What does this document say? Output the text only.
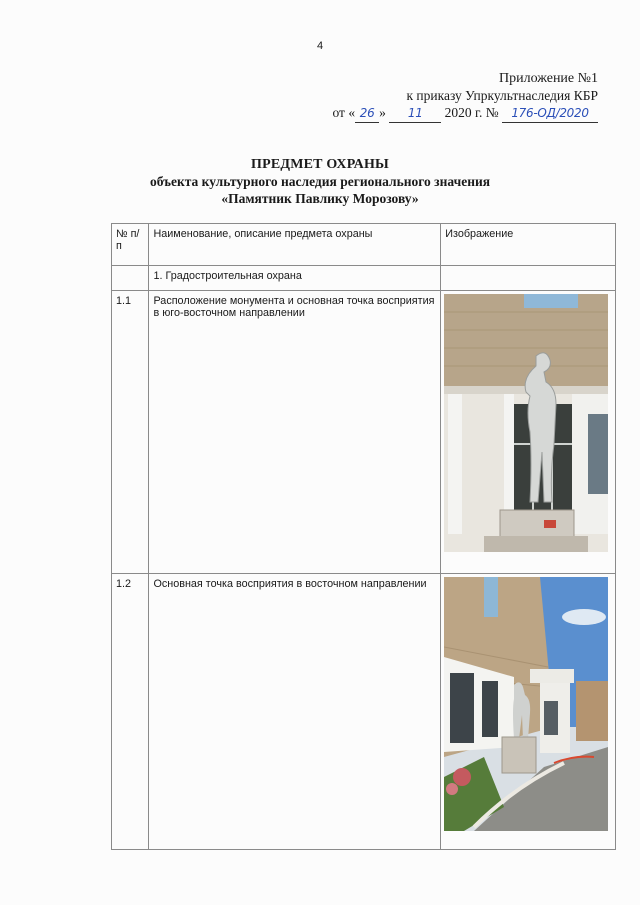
4
Приложение №1
к приказу Упркультнаследия КБР
от « 26 » 11 2020 г. № 176-ОД/2020
ПРЕДМЕТ ОХРАНЫ
объекта культурного наследия регионального значения
«Памятник Павлику Морозову»
№ п/п	Наименование, описание предмета охраны	Изображение
	1. Градостроительная охрана	
1.1	Расположение монумента и основная точка восприятия в юго-восточном направлении	

1.2	Основная точка восприятия в восточном направлении	
